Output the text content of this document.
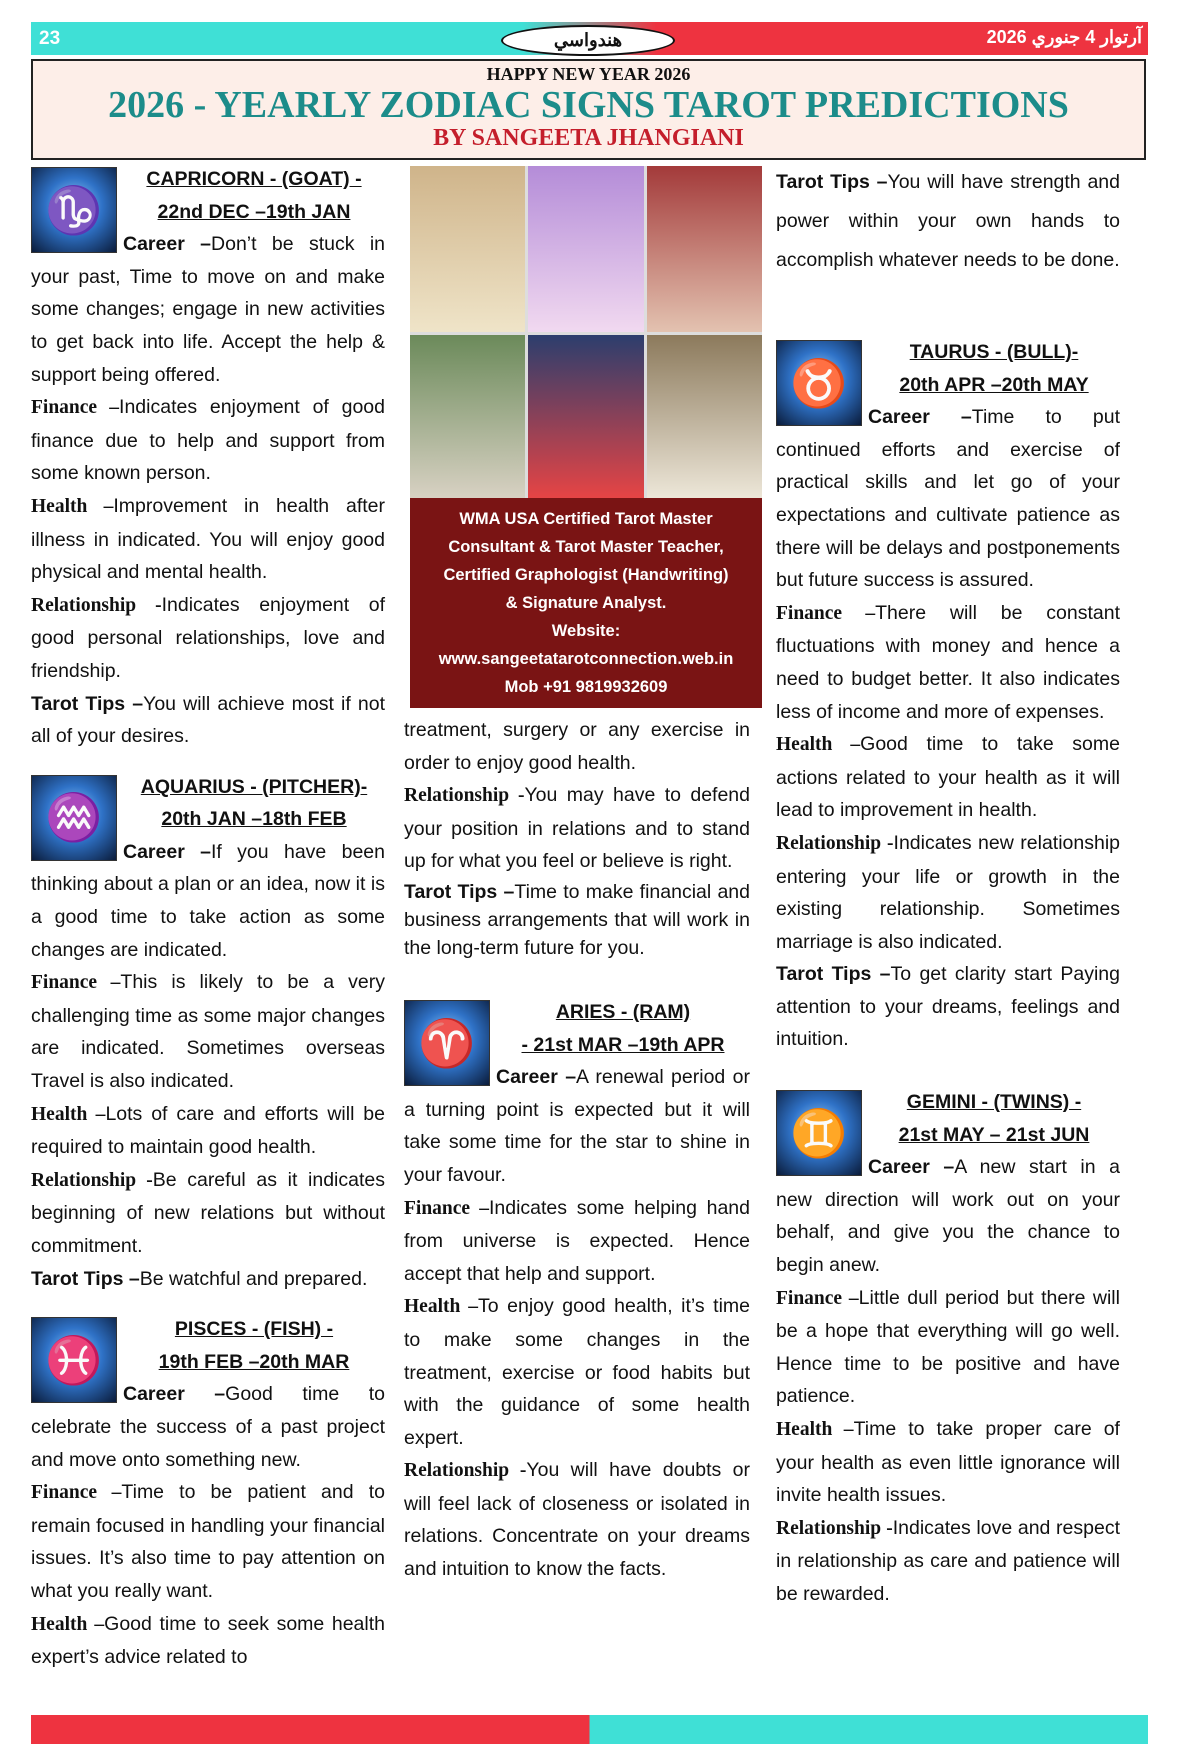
23	هندواسي	آرتوار 4 جنوري 2026
HAPPY NEW YEAR 2026
2026 - YEARLY ZODIAC SIGNS TAROT PREDICTIONS
BY SANGEETA JHANGIANI
♑
CAPRICORN - (GOAT) -
22nd DEC –19th JAN

Career –Don’t be stuck in your past, Time to move on and make some changes; engage in new activities to get back into life. Accept the help & support being offered.

Finance –Indicates enjoyment of good finance due to help and support from some known person.

Health –Improvement in health after illness in indicated. You will enjoy good physical and mental health.

Relationship -Indicates enjoyment of good personal relationships, love and friendship.

Tarot Tips –You will achieve most if not all of your desires.

♒
AQUARIUS - (PITCHER)-
20th JAN –18th FEB

Career –If you have been thinking about a plan or an idea, now it is a good time to take action as some changes are indicated.

Finance –This is likely to be a very challenging time as some major changes are indicated. Sometimes overseas Travel is also indicated.

Health –Lots of care and efforts will be required to maintain good health.

Relationship -Be careful as it indicates beginning of new relations but without commitment.

Tarot Tips –Be watchful and prepared.

♓
PISCES - (FISH) -
19th FEB –20th MAR

Career –Good time to celebrate the success of a past project and move onto something new.

Finance –Time to be patient and to remain focused in handling your financial issues. It’s also time to pay attention on what you really want.

Health –Good time to seek some health expert’s advice related to

WMA USA Certified Tarot Master
Consultant & Tarot Master Teacher,
Certified Graphologist (Handwriting)
& Signature Analyst.
Website:
www.sangeetatarotconnection.web.in
Mob +91 9819932609

treatment, surgery or any exercise in order to enjoy good health.

Relationship -You may have to defend your position in relations and to stand up for what you feel or believe is right.

Tarot Tips –Time to make financial and business arrangements that will work in the long-term future for you.

♈
ARIES - (RAM)
- 21st MAR –19th APR

Career –A renewal period or a turning point is expected but it will take some time for the star to shine in your favour.

Finance –Indicates some helping hand from universe is expected. Hence accept that help and support.

Health –To enjoy good health, it’s time to make some changes in the treatment, exercise or food habits but with the guidance of some health expert.

Relationship -You will have doubts or will feel lack of closeness or isolated in relations. Concentrate on your dreams and intuition to know the facts.

Tarot Tips –You will have strength and power within your own hands to accomplish whatever needs to be done.

♉
TAURUS - (BULL)-
20th APR –20th MAY

Career –Time to put continued efforts and exercise of practical skills and let go of your expectations and cultivate patience as there will be delays and postponements but future success is assured.

Finance –There will be constant fluctuations with money and hence a need to budget better. It also indicates less of income and more of expenses.

Health –Good time to take some actions related to your health as it will lead to improvement in health.

Relationship -Indicates new relationship entering your life or growth in the existing relationship. Sometimes marriage is also indicated.

Tarot Tips –To get clarity start Paying attention to your dreams, feelings and intuition.

♊
GEMINI - (TWINS) -
21st MAY – 21st JUN

Career –A new start in a new direction will work out on your behalf, and give you the chance to begin anew.

Finance –Little dull period but there will be a hope that everything will go well. Hence time to be positive and have patience.

Health –Time to take proper care of your health as even little ignorance will invite health issues.

Relationship -Indicates love and respect in relationship as care and patience will be rewarded.
